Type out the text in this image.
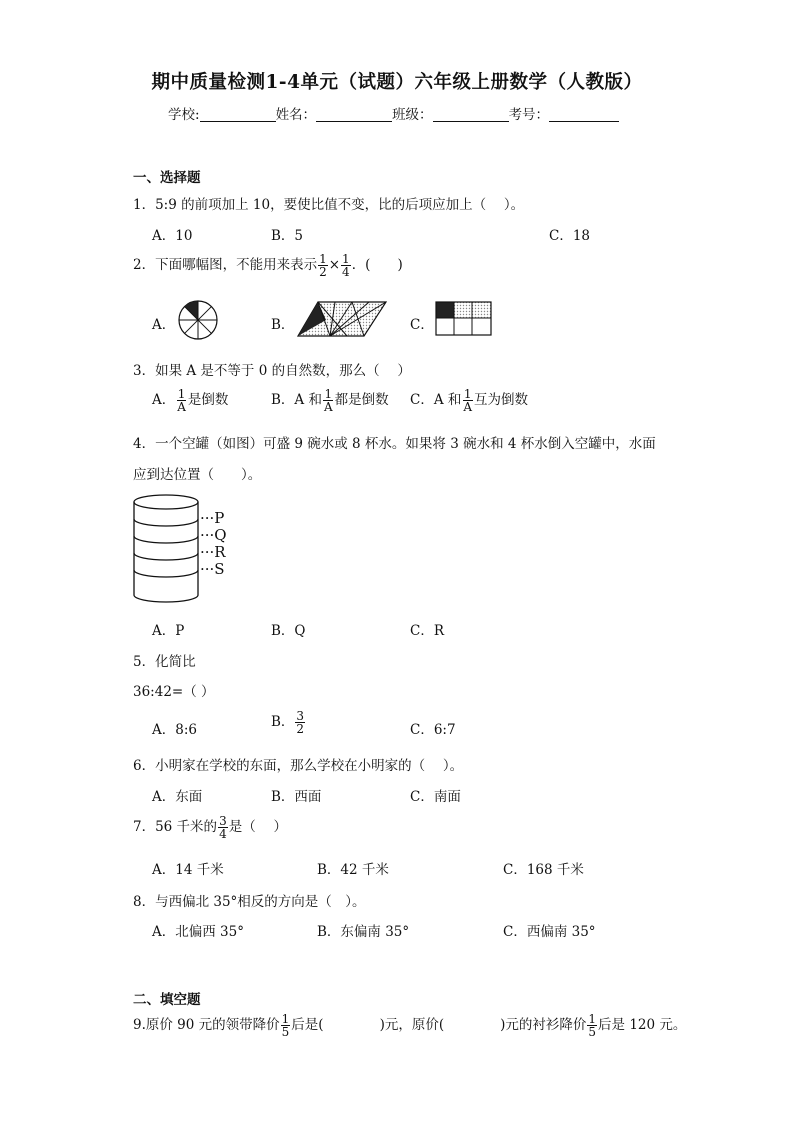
期中质量检测1-4单元（试题）六年级上册数学（人教版）
学校:	姓名：	班级：	考号：
一、选择题
1．5:9 的前项加上 10，要使比值不变，比的后项应加上（　 ）。
A．10	B．5	C．18
2．下面哪幅图，不能用来表示 $\frac{1}{2} \times \frac{1}{4}$ ．(　　)
A．	B．	C．
3．如果 A 是不等于 0 的自然数，那么（　 ）
A． $\frac{1}{A}$ 是倒数	B．A 和 $\frac{1}{A}$ 都是倒数 C．A 和 $\frac{1}{A}$ 互为倒数
4．一个空罐（如图）可盛 9 碗水或 8 杯水。如果将 3 碗水和 4 杯水倒入空罐中，水面
应到达位置（　　）。
···P
···Q
···R
···S
A．P	B．Q	C．R
5．化简比
36:42=（ ）
A．8:6	B． $\frac{3}{2}$	C．6:7
6．小明家在学校的东面，那么学校在小明家的（　 ）。
A．东面	B．西面	C．南面
7．56 千米的 $\frac{3}{4}$ 是（　 ）
A．14 千米	B．42 千米	C．168 千米
8．与西偏北 35°相反的方向是（　）。
A．北偏西 35°	B．东偏南 35°	C．西偏南 35°
二、填空题
9.原价 90 元的领带降价 $\frac{1}{5}$ 后是(	)元，原价(	)元的衬衫降价 $\frac{1}{5}$ 后是 120 元。
